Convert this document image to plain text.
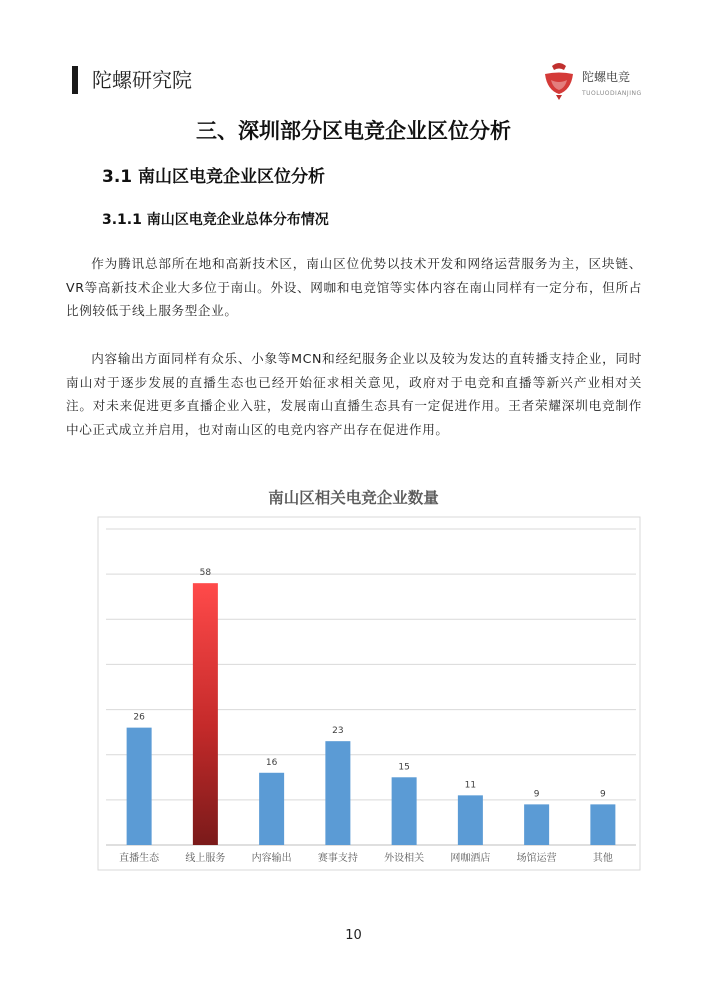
陀螺研究院	陀螺电竞
TUOLUODIANJING
三、深圳部分区电竞企业区位分析
3.1 南山区电竞企业区位分析
3.1.1 南山区电竞企业总体分布情况

作为腾讯总部所在地和高新技术区，南山区位优势以技术开发和网络运营服务为主，区块链、VR等高新技术企业大多位于南山。外设、网咖和电竞馆等实体内容在南山同样有一定分布，但所占比例较低于线上服务型企业。

内容输出方面同样有众乐、小象等MCN和经纪服务企业以及较为发达的直转播支持企业，同时南山对于逐步发展的直播生态也已经开始征求相关意见，政府对于电竞和直播等新兴产业相对关注。对未来促进更多直播企业入驻，发展南山直播生态具有一定促进作用。王者荣耀深圳电竞制作中心正式成立并启用，也对南山区的电竞内容产出存在促进作用。

南山区相关电竞企业数量
26
直播生态
58
线上服务
16
内容输出
23
赛事支持
15
外设相关
11
网咖酒店
9
场馆运营
9
其他
10
